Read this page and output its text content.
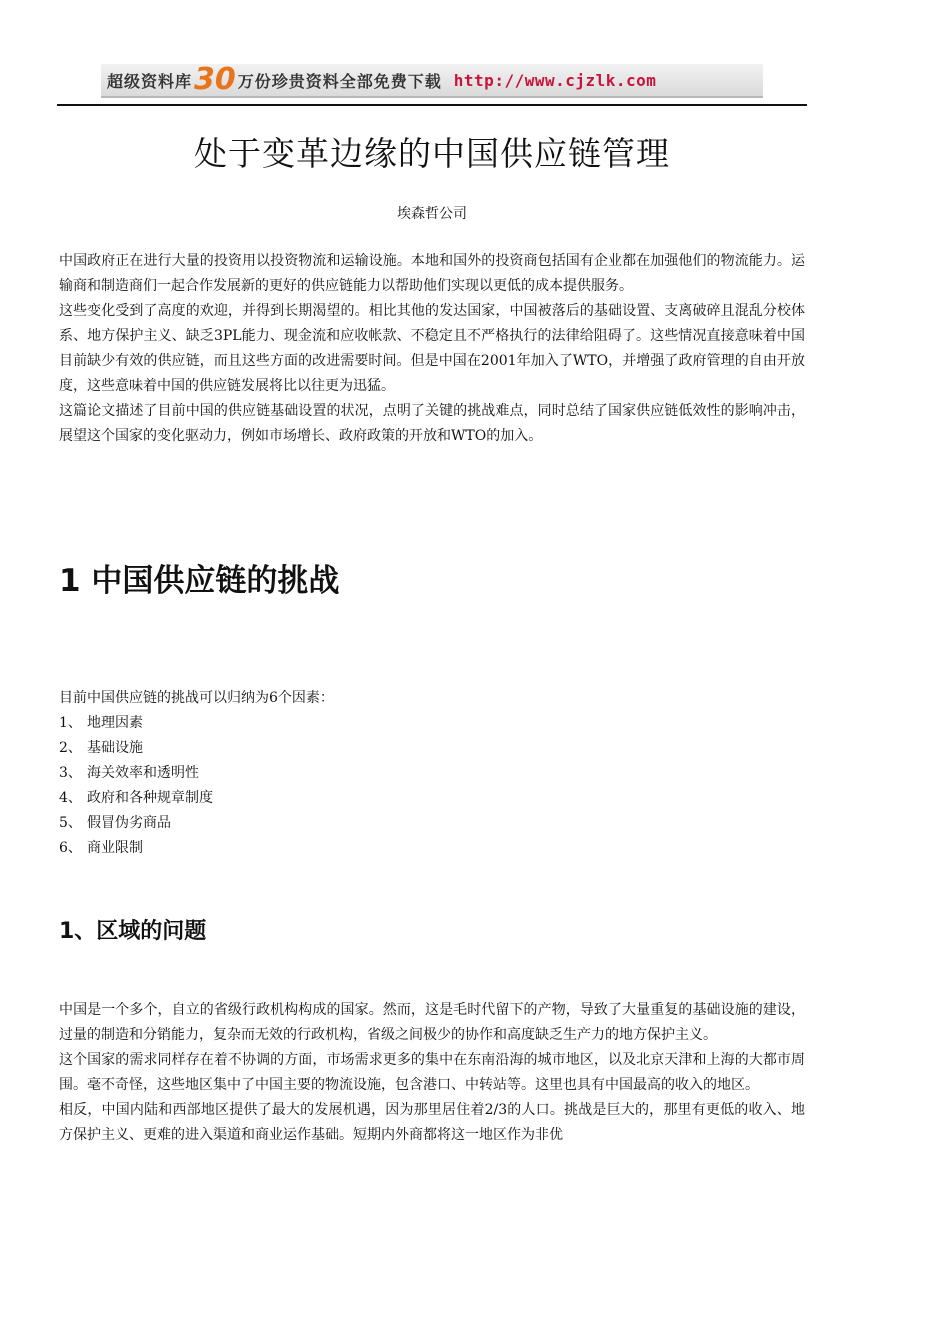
超级资料库 30 万份珍贵资料全部免费下载 http://www.cjzlk.com
处于变革边缘的中国供应链管理

埃森哲公司

中国政府正在进行大量的投资用以投资物流和运输设施。本地和国外的投资商包括国有企业都在加强他们的物流能力。运输商和制造商们一起合作发展新的更好的供应链能力以帮助他们实现以更低的成本提供服务。

这些变化受到了高度的欢迎，并得到长期渴望的。相比其他的发达国家，中国被落后的基础设置、支离破碎且混乱分校体系、地方保护主义、缺乏3PL能力、现金流和应收帐款、不稳定且不严格执行的法律给阻碍了。这些情况直接意味着中国目前缺少有效的供应链，而且这些方面的改进需要时间。但是中国在2001年加入了WTO，并增强了政府管理的自由开放度，这些意味着中国的供应链发展将比以往更为迅猛。

这篇论文描述了目前中国的供应链基础设置的状况，点明了关键的挑战难点，同时总结了国家供应链低效性的影响冲击，展望这个国家的变化驱动力，例如市场增长、政府政策的开放和WTO的加入。

1 中国供应链的挑战

目前中国供应链的挑战可以归纳为6个因素：

1、 地理因素
2、 基础设施
3、 海关效率和透明性
4、 政府和各种规章制度
5、 假冒伪劣商品
6、 商业限制
1、区域的问题

中国是一个多个，自立的省级行政机构构成的国家。然而，这是毛时代留下的产物，导致了大量重复的基础设施的建设，过量的制造和分销能力，复杂而无效的行政机构，省级之间极少的协作和高度缺乏生产力的地方保护主义。

这个国家的需求同样存在着不协调的方面，市场需求更多的集中在东南沿海的城市地区，以及北京天津和上海的大都市周围。毫不奇怪，这些地区集中了中国主要的物流设施，包含港口、中转站等。这里也具有中国最高的收入的地区。

相反，中国内陆和西部地区提供了最大的发展机遇，因为那里居住着2/3的人口。挑战是巨大的，那里有更低的收入、地方保护主义、更难的进入渠道和商业运作基础。短期内外商都将这一地区作为非优
